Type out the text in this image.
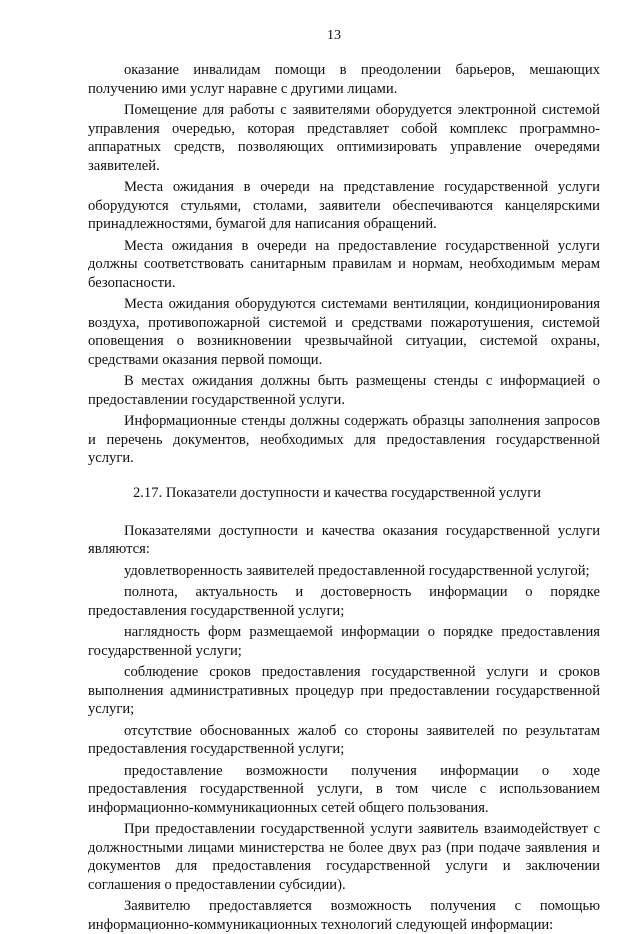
13

оказание инвалидам помощи в преодолении барьеров, мешающих получению ими услуг наравне с другими лицами.

Помещение для работы с заявителями оборудуется электронной системой управления очередью, которая представляет собой комплекс программно-аппаратных средств, позволяющих оптимизировать управление очередями заявителей.

Места ожидания в очереди на представление государственной услуги оборудуются стульями, столами, заявители обеспечиваются канцелярскими принадлежностями, бумагой для написания обращений.

Места ожидания в очереди на предоставление государственной услуги должны соответствовать санитарным правилам и нормам, необходимым мерам безопасности.

Места ожидания оборудуются системами вентиляции, кондиционирования воздуха, противопожарной системой и средствами пожаротушения, системой оповещения о возникновении чрезвычайной ситуации, системой охраны, средствами оказания первой помощи.

В местах ожидания должны быть размещены стенды с информацией о предоставлении государственной услуги.

Информационные стенды должны содержать образцы заполнения запросов и перечень документов, необходимых для предоставления государственной услуги.

2.17. Показатели доступности и качества государственной услуги

Показателями доступности и качества оказания государственной услуги являются:

удовлетворенность заявителей предоставленной государственной услугой;

полнота, актуальность и достоверность информации о порядке предоставления государственной услуги;

наглядность форм размещаемой информации о порядке предоставления государственной услуги;

соблюдение сроков предоставления государственной услуги и сроков выполнения административных процедур при предоставлении государственной услуги;

отсутствие обоснованных жалоб со стороны заявителей по результатам предоставления государственной услуги;

предоставление возможности получения информации о ходе предоставления государственной услуги, в том числе с использованием информационно-коммуникационных сетей общего пользования.

При предоставлении государственной услуги заявитель взаимодействует с должностными лицами министерства не более двух раз (при подаче заявления и документов для предоставления государственной услуги и заключении соглашения о предоставлении субсидии).

Заявителю предоставляется возможность получения с помощью информационно-коммуникационных технологий следующей информации:
